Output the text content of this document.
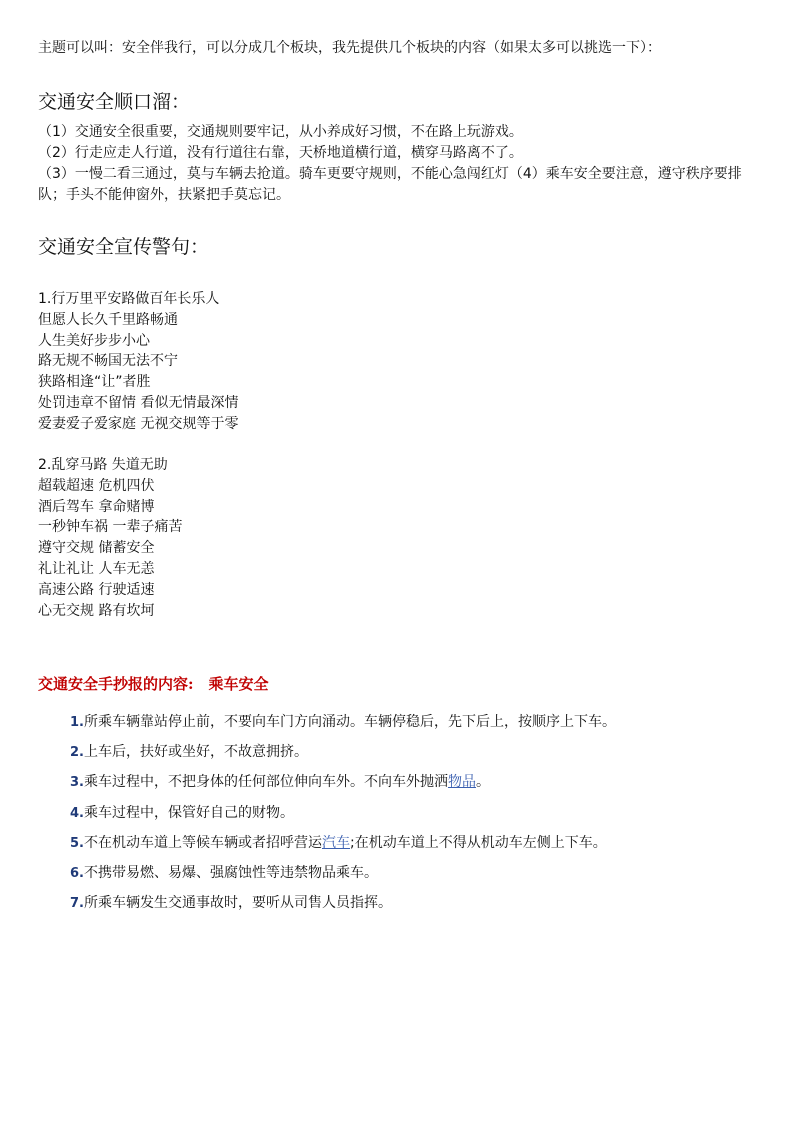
主题可以叫：安全伴我行，可以分成几个板块，我先提供几个板块的内容（如果太多可以挑选一下）：
交通安全顺口溜：
（1）交通安全很重要，交通规则要牢记，从小养成好习惯，不在路上玩游戏。
（2）行走应走人行道，没有行道往右靠，天桥地道横行道，横穿马路离不了。
（3）一慢二看三通过，莫与车辆去抢道。骑车更要守规则，不能心急闯红灯（4）乘车安全要注意，遵守秩序要排队；手头不能伸窗外，扶紧把手莫忘记。
交通安全宣传警句：
1.行万里平安路做百年长乐人
但愿人长久千里路畅通
人生美好步步小心
路无规不畅国无法不宁
狭路相逢“让”者胜
处罚违章不留情 看似无情最深情
爱妻爱子爱家庭 无视交规等于零
2.乱穿马路 失道无助
超载超速 危机四伏
酒后驾车 拿命赌博
一秒钟车祸 一辈子痛苦
遵守交规 储蓄安全
礼让礼让 人车无恙
高速公路 行驶适速
心无交规 路有坎坷
交通安全手抄报的内容:　乘车安全
1.所乘车辆靠站停止前，不要向车门方向涌动。车辆停稳后，先下后上，按顺序上下车。
2.上车后，扶好或坐好，不故意拥挤。
3.乘车过程中，不把身体的任何部位伸向车外。不向车外抛洒物品。
4.乘车过程中，保管好自己的财物。
5.不在机动车道上等候车辆或者招呼营运汽车;在机动车道上不得从机动车左侧上下车。
6.不携带易燃、易爆、强腐蚀性等违禁物品乘车。
7.所乘车辆发生交通事故时，要听从司售人员指挥。
